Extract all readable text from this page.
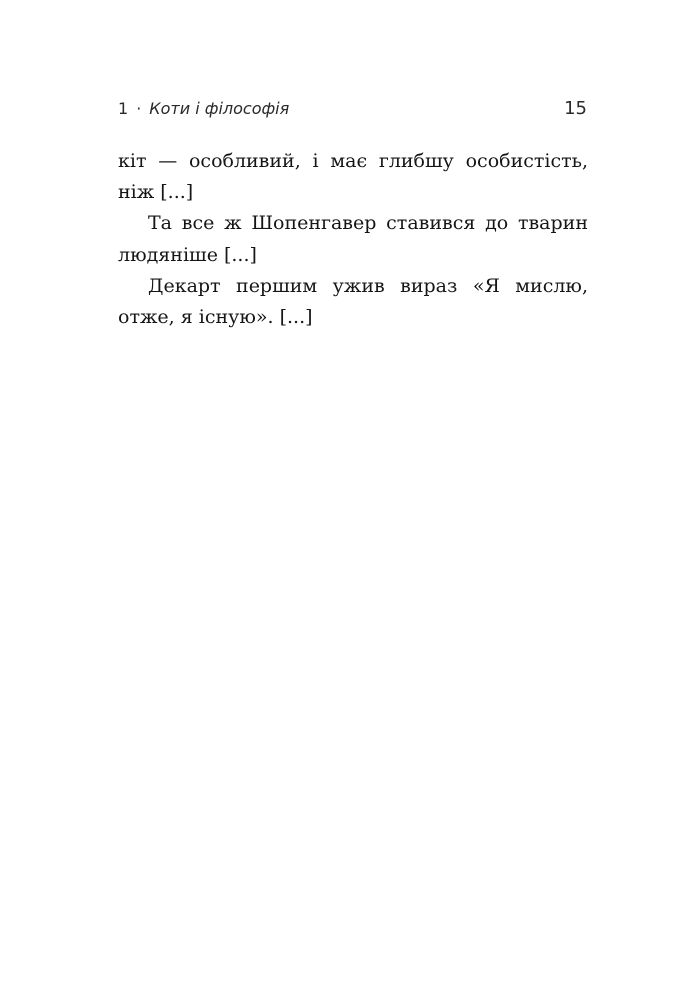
1 · Коти і філософія	15

кіт — особливий, і має глибшу особистість, ніж [...]

Та все ж Шопенгавер ставився до тварин людяніше [...]

Декарт першим ужив вираз «Я мислю, отже, я існую». [...]
